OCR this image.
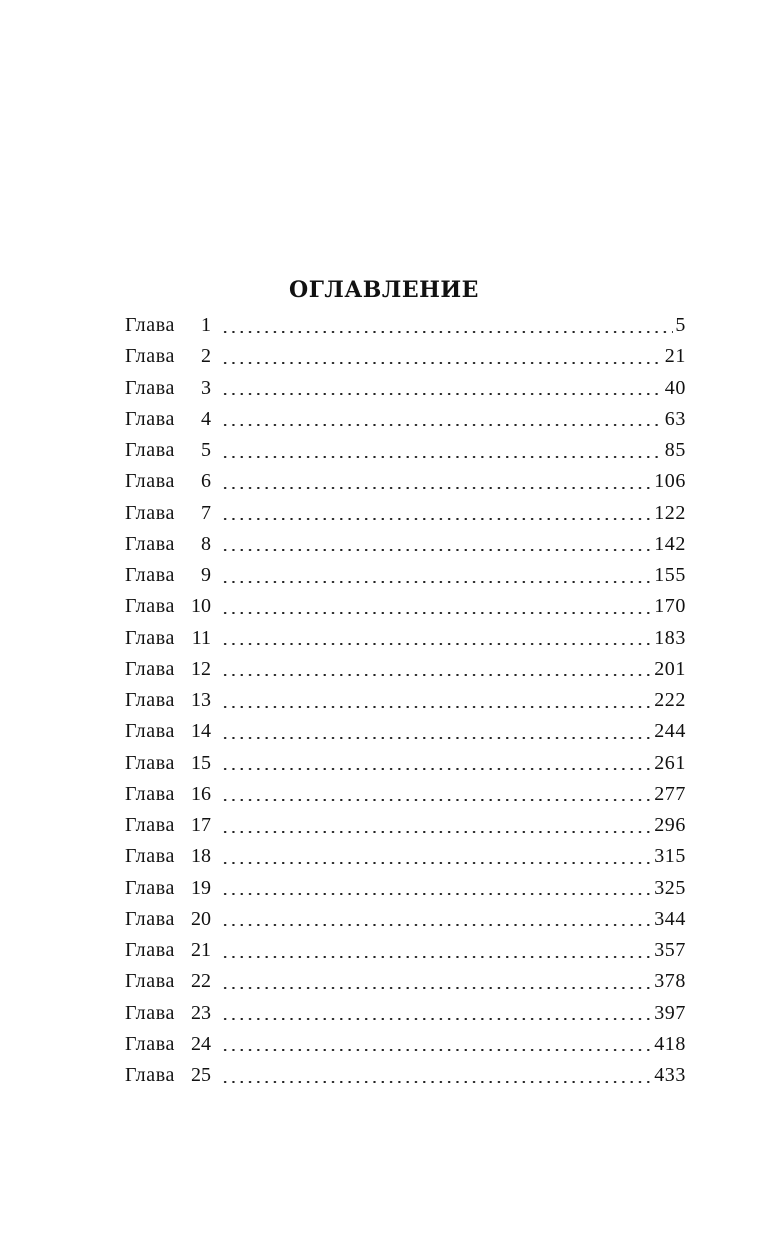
ОГЛАВЛЕНИЕ
Глава	1	5
Глава	2	21
Глава	3	40
Глава	4	63
Глава	5	85
Глава	6	106
Глава	7	122
Глава	8	142
Глава	9	155
Глава 10	170
Глава 11	183
Глава 12	201
Глава 13	222
Глава 14	244
Глава 15	261
Глава 16	277
Глава 17	296
Глава 18	315
Глава 19	325
Глава 20	344
Глава 21	357
Глава 22	378
Глава 23	397
Глава 24	418
Глава 25	433
